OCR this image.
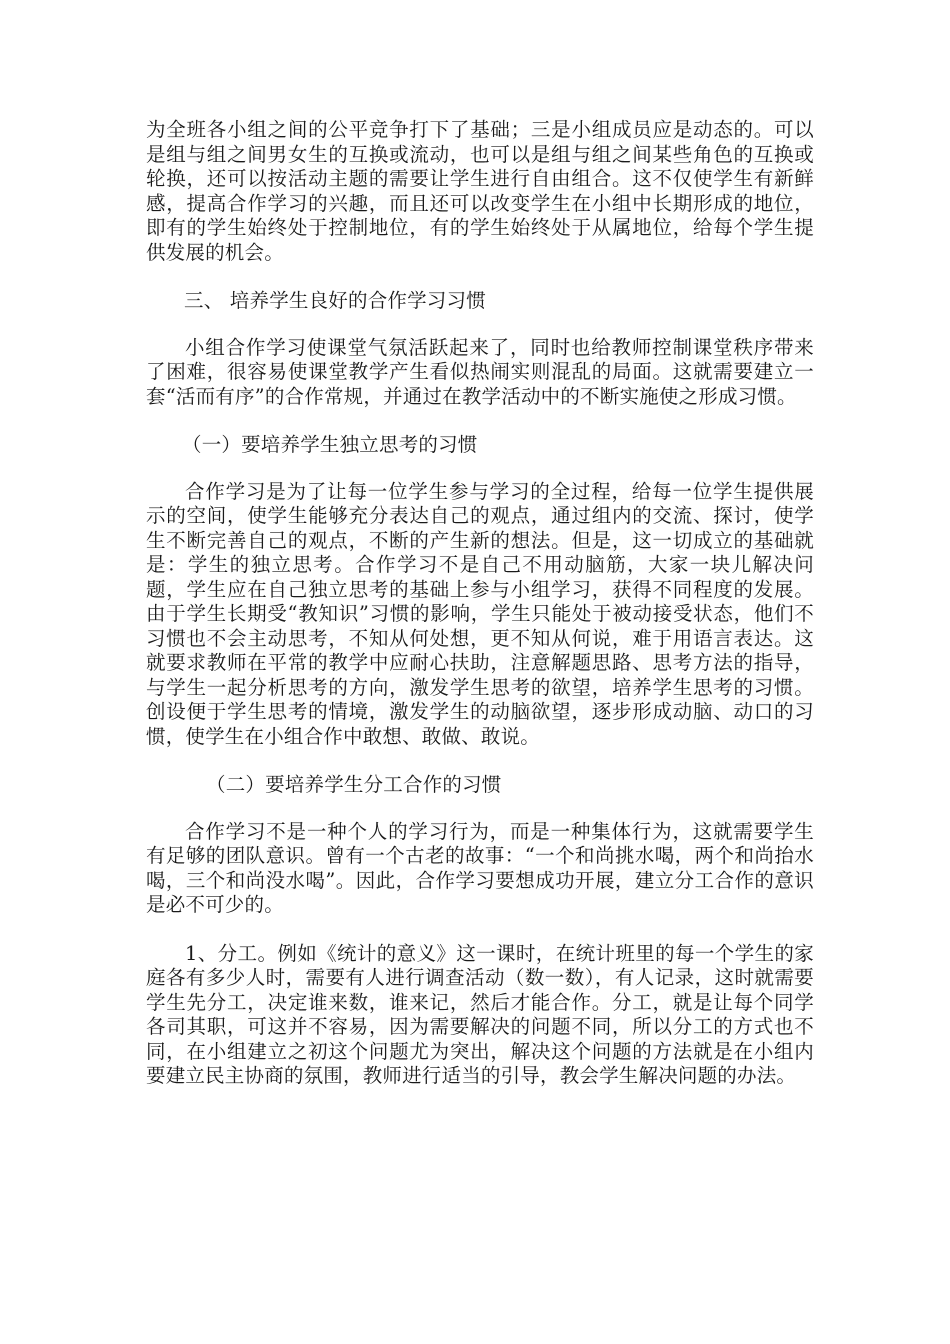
为全班各小组之间的公平竞争打下了基础；三是小组成员应是动态的。可以是组与组之间男女生的互换或流动，也可以是组与组之间某些角色的互换或轮换，还可以按活动主题的需要让学生进行自由组合。这不仅使学生有新鲜感，提高合作学习的兴趣，而且还可以改变学生在小组中长期形成的地位，即有的学生始终处于控制地位，有的学生始终处于从属地位，给每个学生提供发展的机会。

三、 培养学生良好的合作学习习惯

小组合作学习使课堂气氛活跃起来了，同时也给教师控制课堂秩序带来了困难，很容易使课堂教学产生看似热闹实则混乱的局面。这就需要建立一套“活而有序”的合作常规，并通过在教学活动中的不断实施使之形成习惯。

（一）要培养学生独立思考的习惯

合作学习是为了让每一位学生参与学习的全过程，给每一位学生提供展示的空间，使学生能够充分表达自己的观点，通过组内的交流、探讨，使学生不断完善自己的观点，不断的产生新的想法。但是，这一切成立的基础就是：学生的独立思考。合作学习不是自己不用动脑筋，大家一块儿解决问题，学生应在自己独立思考的基础上参与小组学习，获得不同程度的发展。由于学生长期受“教知识”习惯的影响，学生只能处于被动接受状态，他们不习惯也不会主动思考，不知从何处想，更不知从何说，难于用语言表达。这就要求教师在平常的教学中应耐心扶助，注意解题思路、思考方法的指导，与学生一起分析思考的方向，激发学生思考的欲望，培养学生思考的习惯。创设便于学生思考的情境，激发学生的动脑欲望，逐步形成动脑、动口的习惯，使学生在小组合作中敢想、敢做、敢说。

（二）要培养学生分工合作的习惯

合作学习不是一种个人的学习行为，而是一种集体行为，这就需要学生有足够的团队意识。曾有一个古老的故事：“一个和尚挑水喝，两个和尚抬水喝，三个和尚没水喝”。因此，合作学习要想成功开展，建立分工合作的意识是必不可少的。

1、分工。例如《统计的意义》这一课时，在统计班里的每一个学生的家庭各有多少人时，需要有人进行调查活动（数一数），有人记录，这时就需要学生先分工，决定谁来数，谁来记，然后才能合作。分工，就是让每个同学各司其职，可这并不容易，因为需要解决的问题不同，所以分工的方式也不同，在小组建立之初这个问题尤为突出，解决这个问题的方法就是在小组内要建立民主协商的氛围，教师进行适当的引导，教会学生解决问题的办法。
